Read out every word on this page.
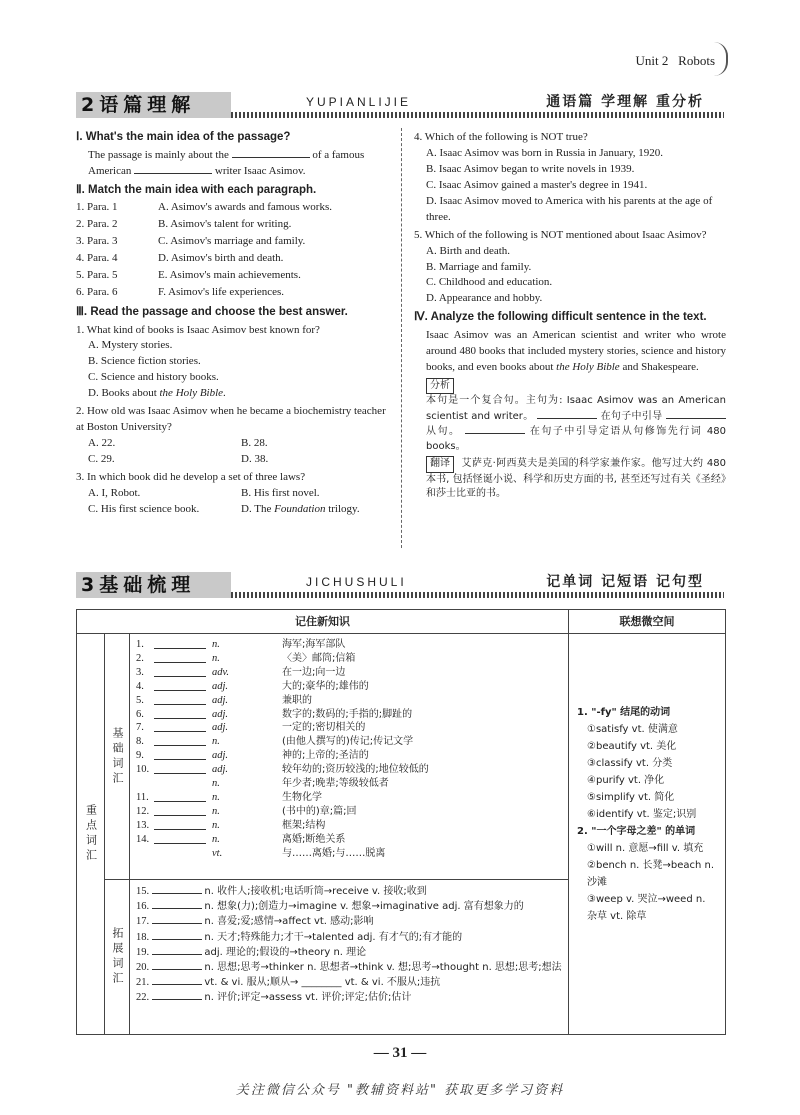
Unit 2 Robots
2语篇理解	YUPIANLIJIE	通语篇 学理解 重分析
Ⅰ. What's the main idea of the passage?
The passage is mainly about the	of a famous
American	writer Isaac Asimov.
Ⅱ. Match the main idea with each paragraph.
1. Para. 1	A. Asimov's awards and famous works.
2. Para. 2	B. Asimov's talent for writing.
3. Para. 3	C. Asimov's marriage and family.
4. Para. 4	D. Asimov's birth and death.
5. Para. 5	E. Asimov's main achievements.
6. Para. 6	F. Asimov's life experiences.
Ⅲ. Read the passage and choose the best answer.
1. What kind of books is Isaac Asimov best known for?
A. Mystery stories.
B. Science fiction stories.
C. Science and history books.
D. Books about the Holy Bible.
2. How old was Isaac Asimov when he became a biochemistry teacher at Boston University?
A. 22.	B. 28.
C. 29.	D. 38.
3. In which book did he develop a set of three laws?
A. I, Robot.	B. His first novel.
C. His first science book.	D. The Foundation trilogy.
4. Which of the following is NOT true?
A. Isaac Asimov was born in Russia in January, 1920.
B. Isaac Asimov began to write novels in 1939.
C. Isaac Asimov gained a master's degree in 1941.
D. Isaac Asimov moved to America with his parents at the age of three.
5. Which of the following is NOT mentioned about Isaac Asimov?
A. Birth and death.
B. Marriage and family.
C. Childhood and education.
D. Appearance and hobby.
Ⅳ. Analyze the following difficult sentence in the text.
Isaac Asimov was an American scientist and writer who wrote around 480 books that included mystery stories, science and history books, and even books about the Holy Bible and Shakespeare.
分析
本句是一个复合句。主句为: Isaac Asimov was an American scientist and writer。	在句子中引导  从句。	在句子中引导定语从句修饰先行词 480 books。
翻译 艾萨克·阿西莫夫是美国的科学家兼作家。他写过大约 480 本书, 包括怪诞小说、科学和历史方面的书, 甚至还写过有关《圣经》和莎士比亚的书。
3基础梳理	JICHUSHULI	记单词 记短语 记句型
记住新知识	联想微空间
重点词汇
基础词汇
拓展词汇
1.	n.	海军;海军部队
2.	n.	〈美〉邮筒;信箱
3.	adv.	在一边;向一边
4.	adj.	大的;豪华的;雄伟的
5.	adj.	兼职的
6.	adj.	数字的;数码的;手指的;脚趾的
7.	adj.	一定的;密切相关的
8.	n.	(由他人撰写的)传记;传记文学
9.	adj.	神的;上帝的;圣洁的
10.	adj.	较年幼的;资历较浅的;地位较低的
n.	年少者;晚辈;等级较低者
11.	n.	生物化学
12.	n.	(书中的)章;篇;回
13.	n.	框架;结构
14.	n.	离婚;断绝关系
vt.	与……离婚;与……脱离
15.	n. 收件人;接收机;电话听筒→receive v. 接收;收到
16.	n. 想象(力);创造力→imagine v. 想象→imaginative adj. 富有想象力的
17.	n. 喜爱;爱;感情→affect vt. 感动;影响
18.	n. 天才;特殊能力;才干→talented adj. 有才气的;有才能的
19.	adj. 理论的;假设的→theory n. 理论
20.	n. 思想;思考→thinker n. 思想者→think v. 想;思考→thought n. 思想;思考;想法
21.	vt. & vi. 服从;顺从→ ________ vt. & vi. 不服从;违抗
22.	n. 评价;评定→assess vt. 评价;评定;估价;估计
1. "-fy" 结尾的动词
①satisfy vt. 使满意
②beautify vt. 美化
③classify vt. 分类
④purify vt. 净化
⑤simplify vt. 简化
⑥identify vt. 鉴定;识别
2. "一个字母之差" 的单词
①will n. 意愿→fill v. 填充
②bench n. 长凳→beach n. 沙滩
③weep v. 哭泣→weed n. 杂草 vt. 除草
— 31 —
关注微信公众号 "教辅资料站" 获取更多学习资料
